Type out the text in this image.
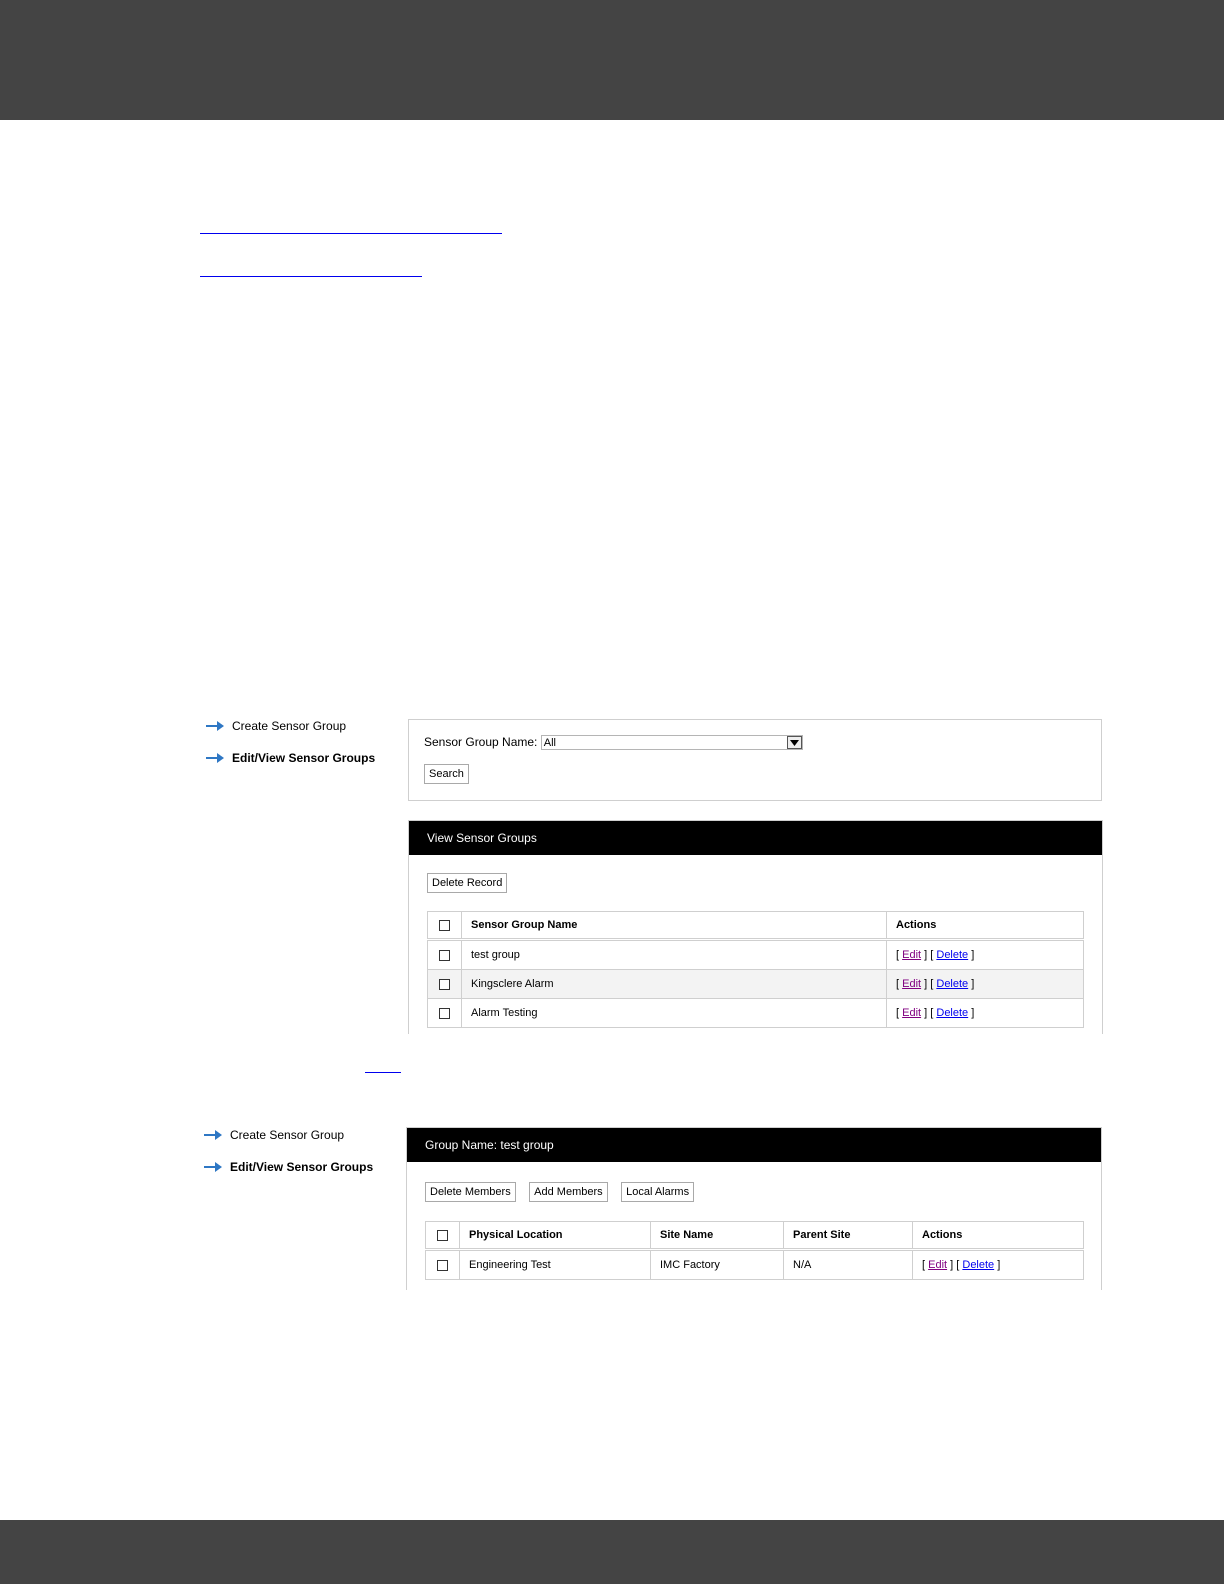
Create Sensor Group
Edit/View Sensor Groups
Sensor Group Name: All
Search
View Sensor Groups
Delete Record
	Sensor Group Name	Actions
	test group	[ Edit ] [ Delete ]
	Kingsclere Alarm	[ Edit ] [ Delete ]
	Alarm Testing	[ Edit ] [ Delete ]
Create Sensor Group
Edit/View Sensor Groups
Group Name: test group
Delete Members Add Members Local Alarms
	Physical Location	Site Name	Parent Site	Actions
	Engineering Test	IMC Factory	N/A	[ Edit ] [ Delete ]
